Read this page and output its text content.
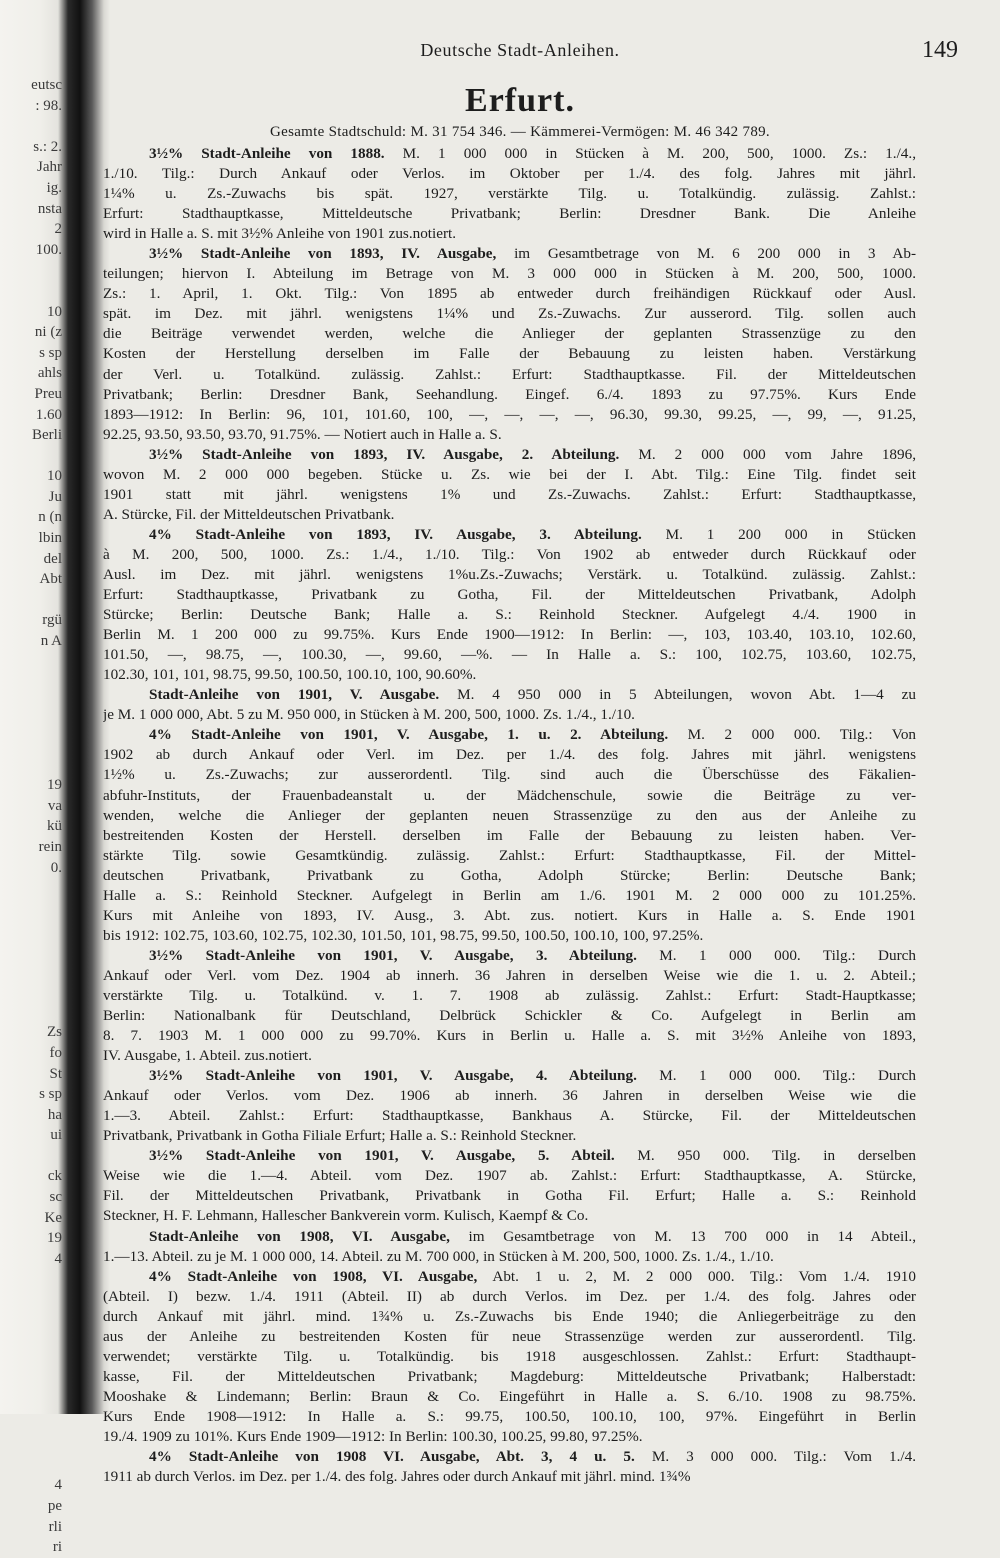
eutsc
: 98.
s.: 2.
Jahr
ig.
nsta
2
100.
10
ni (z
s sp
ahls
Preu
1.60
Berli
10
Ju
n (n
lbin
del
Abt
rgü
n A
19
va
kü
rein
0.
Zs
fo
St
s sp
ha
ui
ck
sc
Ke
19
4
4
pe
rli
ri
Deutsche Stadt-Anleihen.	149
Erfurt.
Gesamte Stadtschuld: M. 31 754 346. — Kämmerei-Vermögen: M. 46 342 789.
3½% Stadt-Anleihe von 1888. M. 1 000 000 in Stücken à M. 200, 500, 1000. Zs.: 1./4.,
1./10. Tilg.: Durch Ankauf oder Verlos. im Oktober per 1./4. des folg. Jahres mit jährl.
1¼% u. Zs.-Zuwachs bis spät. 1927, verstärkte Tilg. u. Totalkündig. zulässig. Zahlst.:
Erfurt: Stadthauptkasse, Mitteldeutsche Privatbank; Berlin: Dresdner Bank. Die Anleihe
wird in Halle a. S. mit 3½% Anleihe von 1901 zus.notiert.
3½% Stadt-Anleihe von 1893, IV. Ausgabe, im Gesamtbetrage von M. 6 200 000 in 3 Ab-
teilungen; hiervon I. Abteilung im Betrage von M. 3 000 000 in Stücken à M. 200, 500, 1000.
Zs.: 1. April, 1. Okt. Tilg.: Von 1895 ab entweder durch freihändigen Rückkauf oder Ausl.
spät. im Dez. mit jährl. wenigstens 1¼% und Zs.-Zuwachs. Zur ausserord. Tilg. sollen auch
die Beiträge verwendet werden, welche die Anlieger der geplanten Strassenzüge zu den
Kosten der Herstellung derselben im Falle der Bebauung zu leisten haben. Verstärkung
der Verl. u. Totalkünd. zulässig. Zahlst.: Erfurt: Stadthauptkasse. Fil. der Mitteldeutschen
Privatbank; Berlin: Dresdner Bank, Seehandlung. Eingef. 6./4. 1893 zu 97.75%. Kurs Ende
1893—1912: In Berlin: 96, 101, 101.60, 100, —, —, —, —, 96.30, 99.30, 99.25, —, 99, —, 91.25,
92.25, 93.50, 93.50, 93.70, 91.75%. — Notiert auch in Halle a. S.
3½% Stadt-Anleihe von 1893, IV. Ausgabe, 2. Abteilung. M. 2 000 000 vom Jahre 1896,
wovon M. 2 000 000 begeben. Stücke u. Zs. wie bei der I. Abt. Tilg.: Eine Tilg. findet seit
1901 statt mit jährl. wenigstens 1% und Zs.-Zuwachs. Zahlst.: Erfurt: Stadthauptkasse,
A. Stürcke, Fil. der Mitteldeutschen Privatbank.
4% Stadt-Anleihe von 1893, IV. Ausgabe, 3. Abteilung. M. 1 200 000 in Stücken
à M. 200, 500, 1000. Zs.: 1./4., 1./10. Tilg.: Von 1902 ab entweder durch Rückkauf oder
Ausl. im Dez. mit jährl. wenigstens 1%u.Zs.-Zuwachs; Verstärk. u. Totalkünd. zulässig. Zahlst.:
Erfurt: Stadthauptkasse, Privatbank zu Gotha, Fil. der Mitteldeutschen Privatbank, Adolph
Stürcke; Berlin: Deutsche Bank; Halle a. S.: Reinhold Steckner. Aufgelegt 4./4. 1900 in
Berlin M. 1 200 000 zu 99.75%. Kurs Ende 1900—1912: In Berlin: —, 103, 103.40, 103.10, 102.60,
101.50, —, 98.75, —, 100.30, —, 99.60, —%. — In Halle a. S.: 100, 102.75, 103.60, 102.75,
102.30, 101, 101, 98.75, 99.50, 100.50, 100.10, 100, 90.60%.
Stadt-Anleihe von 1901, V. Ausgabe. M. 4 950 000 in 5 Abteilungen, wovon Abt. 1—4 zu
je M. 1 000 000, Abt. 5 zu M. 950 000, in Stücken à M. 200, 500, 1000. Zs. 1./4., 1./10.
4% Stadt-Anleihe von 1901, V. Ausgabe, 1. u. 2. Abteilung. M. 2 000 000. Tilg.: Von
1902 ab durch Ankauf oder Verl. im Dez. per 1./4. des folg. Jahres mit jährl. wenigstens
1½% u. Zs.-Zuwachs; zur ausserordentl. Tilg. sind auch die Überschüsse des Fäkalien-
abfuhr-Instituts, der Frauenbadeanstalt u. der Mädchenschule, sowie die Beiträge zu ver-
wenden, welche die Anlieger der geplanten neuen Strassenzüge zu den aus der Anleihe zu
bestreitenden Kosten der Herstell. derselben im Falle der Bebauung zu leisten haben. Ver-
stärkte Tilg. sowie Gesamtkündig. zulässig. Zahlst.: Erfurt: Stadthauptkasse, Fil. der Mittel-
deutschen Privatbank, Privatbank zu Gotha, Adolph Stürcke; Berlin: Deutsche Bank;
Halle a. S.: Reinhold Steckner. Aufgelegt in Berlin am 1./6. 1901 M. 2 000 000 zu 101.25%.
Kurs mit Anleihe von 1893, IV. Ausg., 3. Abt. zus. notiert. Kurs in Halle a. S. Ende 1901
bis 1912: 102.75, 103.60, 102.75, 102.30, 101.50, 101, 98.75, 99.50, 100.50, 100.10, 100, 97.25%.
3½% Stadt-Anleihe von 1901, V. Ausgabe, 3. Abteilung. M. 1 000 000. Tilg.: Durch
Ankauf oder Verl. vom Dez. 1904 ab innerh. 36 Jahren in derselben Weise wie die 1. u. 2. Abteil.;
verstärkte Tilg. u. Totalkünd. v. 1. 7. 1908 ab zulässig. Zahlst.: Erfurt: Stadt-Hauptkasse;
Berlin: Nationalbank für Deutschland, Delbrück Schickler & Co. Aufgelegt in Berlin am
8. 7. 1903 M. 1 000 000 zu 99.70%. Kurs in Berlin u. Halle a. S. mit 3½% Anleihe von 1893,
IV. Ausgabe, 1. Abteil. zus.notiert.
3½% Stadt-Anleihe von 1901, V. Ausgabe, 4. Abteilung. M. 1 000 000. Tilg.: Durch
Ankauf oder Verlos. vom Dez. 1906 ab innerh. 36 Jahren in derselben Weise wie die
1.—3. Abteil. Zahlst.: Erfurt: Stadthauptkasse, Bankhaus A. Stürcke, Fil. der Mitteldeutschen
Privatbank, Privatbank in Gotha Filiale Erfurt; Halle a. S.: Reinhold Steckner.
3½% Stadt-Anleihe von 1901, V. Ausgabe, 5. Abteil. M. 950 000. Tilg. in derselben
Weise wie die 1.—4. Abteil. vom Dez. 1907 ab. Zahlst.: Erfurt: Stadthauptkasse, A. Stürcke,
Fil. der Mitteldeutschen Privatbank, Privatbank in Gotha Fil. Erfurt; Halle a. S.: Reinhold
Steckner, H. F. Lehmann, Hallescher Bankverein vorm. Kulisch, Kaempf & Co.
Stadt-Anleihe von 1908, VI. Ausgabe, im Gesamtbetrage von M. 13 700 000 in 14 Abteil.,
1.—13. Abteil. zu je M. 1 000 000, 14. Abteil. zu M. 700 000, in Stücken à M. 200, 500, 1000. Zs. 1./4., 1./10.
4% Stadt-Anleihe von 1908, VI. Ausgabe, Abt. 1 u. 2, M. 2 000 000. Tilg.: Vom 1./4. 1910
(Abteil. I) bezw. 1./4. 1911 (Abteil. II) ab durch Verlos. im Dez. per 1./4. des folg. Jahres oder
durch Ankauf mit jährl. mind. 1¾% u. Zs.-Zuwachs bis Ende 1940; die Anliegerbeiträge zu den
aus der Anleihe zu bestreitenden Kosten für neue Strassenzüge werden zur ausserordentl. Tilg.
verwendet; verstärkte Tilg. u. Totalkündig. bis 1918 ausgeschlossen. Zahlst.: Erfurt: Stadthaupt-
kasse, Fil. der Mitteldeutschen Privatbank; Magdeburg: Mitteldeutsche Privatbank; Halberstadt:
Mooshake & Lindemann; Berlin: Braun & Co. Eingeführt in Halle a. S. 6./10. 1908 zu 98.75%.
Kurs Ende 1908—1912: In Halle a. S.: 99.75, 100.50, 100.10, 100, 97%. Eingeführt in Berlin
19./4. 1909 zu 101%. Kurs Ende 1909—1912: In Berlin: 100.30, 100.25, 99.80, 97.25%.
4% Stadt-Anleihe von 1908 VI. Ausgabe, Abt. 3, 4 u. 5. M. 3 000 000. Tilg.: Vom 1./4.
1911 ab durch Verlos. im Dez. per 1./4. des folg. Jahres oder durch Ankauf mit jährl. mind. 1¾%
